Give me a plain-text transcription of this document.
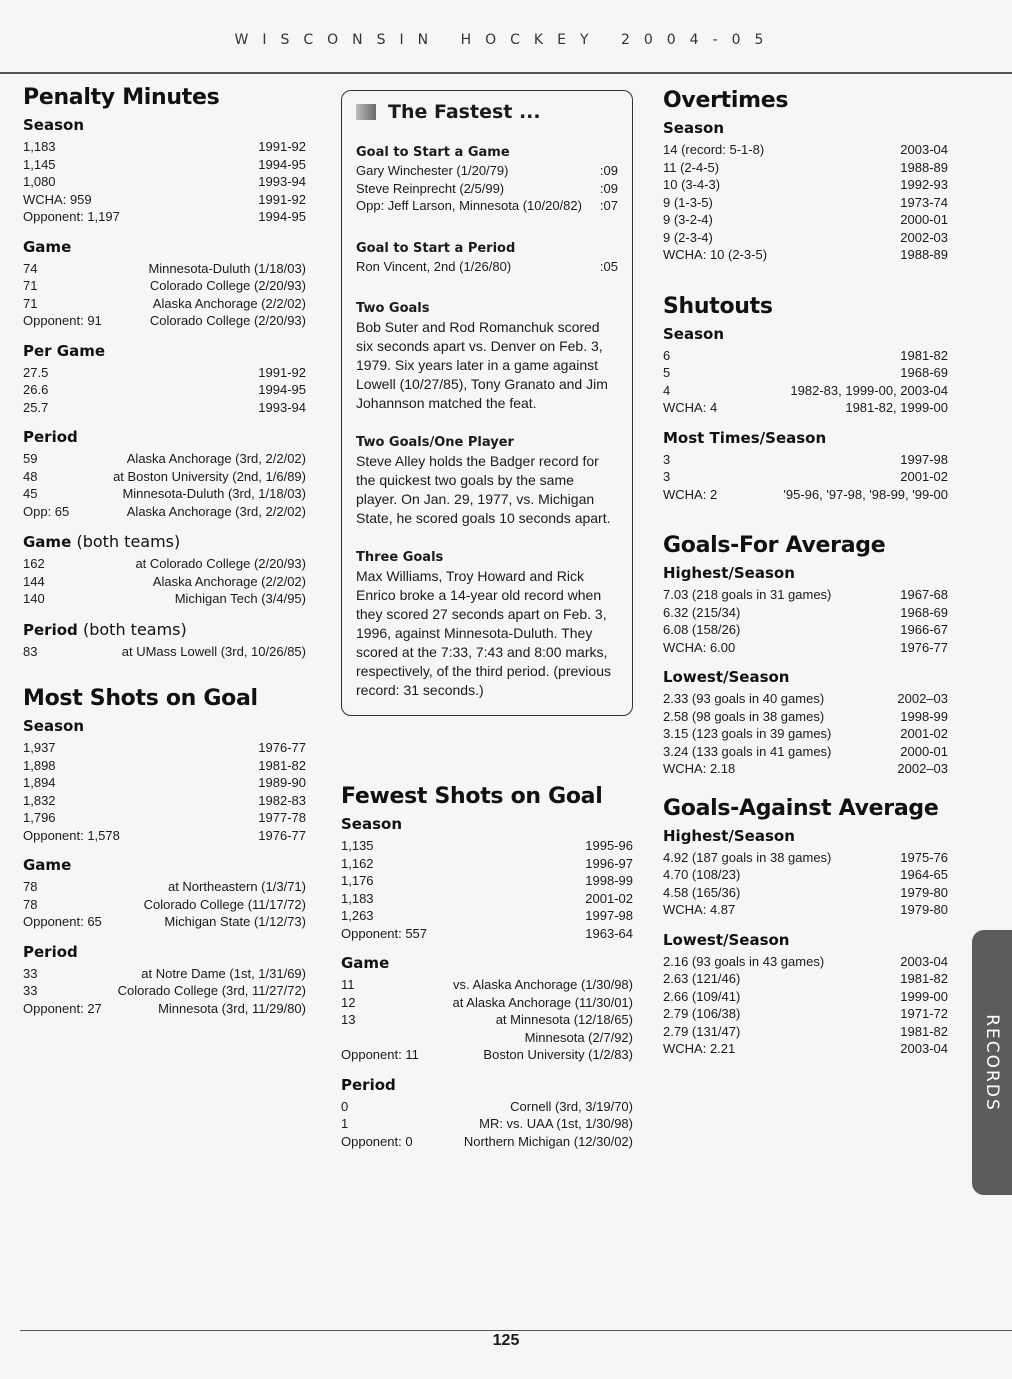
WISCONSIN HOCKEY 2004-05
Penalty Minutes
Season
1,183	1991-92
1,145	1994-95
1,080	1993-94
WCHA: 959	1991-92
Opponent: 1,197	1994-95
Game
74	Minnesota-Duluth (1/18/03)
71	Colorado College (2/20/93)
71	Alaska Anchorage (2/2/02)
Opponent: 91	Colorado College (2/20/93)
Per Game
27.5	1991-92
26.6	1994-95
25.7	1993-94
Period
59	Alaska Anchorage (3rd, 2/2/02)
48	at Boston University (2nd, 1/6/89)
45	Minnesota-Duluth (3rd, 1/18/03)
Opp: 65	Alaska Anchorage (3rd, 2/2/02)
Game (both teams)
162	at Colorado College (2/20/93)
144	Alaska Anchorage (2/2/02)
140	Michigan Tech (3/4/95)
Period (both teams)
83	at UMass Lowell (3rd, 10/26/85)
Most Shots on Goal
Season
1,937	1976-77
1,898	1981-82
1,894	1989-90
1,832	1982-83
1,796	1977-78
Opponent: 1,578	1976-77
Game
78	at Northeastern (1/3/71)
78	Colorado College (11/17/72)
Opponent: 65	Michigan State (1/12/73)
Period
33	at Notre Dame (1st, 1/31/69)
33	Colorado College (3rd, 11/27/72)
Opponent: 27	Minnesota (3rd, 11/29/80)
The Fastest ...
Goal to Start a Game
Gary Winchester (1/20/79)	:09
Steve Reinprecht (2/5/99)	:09
Opp: Jeff Larson, Minnesota (10/20/82) :07
Goal to Start a Period
Ron Vincent, 2nd (1/26/80)	:05
Two Goals
Bob Suter and Rod Romanchuk scored six seconds apart vs. Denver on Feb. 3, 1979. Six years later in a game against Lowell (10/27/85), Tony Granato and Jim Johannson matched the feat.
Two Goals/One Player
Steve Alley holds the Badger record for the quickest two goals by the same player. On Jan. 29, 1977, vs. Michigan State, he scored goals 10 seconds apart.
Three Goals
Max Williams, Troy Howard and Rick Enrico broke a 14-year old record when they scored 27 seconds apart on Feb. 3, 1996, against Minnesota-Duluth. They scored at the 7:33, 7:43 and 8:00 marks, respectively, of the third period. (previous record: 31 seconds.)
Fewest Shots on Goal
Season
1,135	1995-96
1,162	1996-97
1,176	1998-99
1,183	2001-02
1,263	1997-98
Opponent: 557	1963-64
Game
11	vs. Alaska Anchorage (1/30/98)
12	at Alaska Anchorage (11/30/01)
13	at Minnesota (12/18/65)
Minnesota (2/7/92)
Opponent: 11	Boston University (1/2/83)
Period
0	Cornell (3rd, 3/19/70)
1	MR: vs. UAA (1st, 1/30/98)
Opponent: 0	Northern Michigan (12/30/02)
Overtimes
Season
14 (record: 5-1-8)	2003-04
11 (2-4-5)	1988-89
10 (3-4-3)	1992-93
9 (1-3-5)	1973-74
9 (3-2-4)	2000-01
9 (2-3-4)	2002-03
WCHA: 10 (2-3-5)	1988-89
Shutouts
Season
6	1981-82
5	1968-69
4	1982-83, 1999-00, 2003-04
WCHA: 4	1981-82, 1999-00
Most Times/Season
3	1997-98
3	2001-02
WCHA: 2	'95-96, '97-98, '98-99, '99-00
Goals-For Average
Highest/Season
7.03 (218 goals in 31 games)	1967-68
6.32 (215/34)	1968-69
6.08 (158/26)	1966-67
WCHA: 6.00	1976-77
Lowest/Season
2.33 (93 goals in 40 games)	2002–03
2.58 (98 goals in 38 games)	1998-99
3.15 (123 goals in 39 games)	2001-02
3.24 (133 goals in 41 games)	2000-01
WCHA: 2.18	2002–03
Goals-Against Average
Highest/Season
4.92 (187 goals in 38 games)	1975-76
4.70 (108/23)	1964-65
4.58 (165/36)	1979-80
WCHA: 4.87	1979-80
Lowest/Season
2.16 (93 goals in 43 games)	2003-04
2.63 (121/46)	1981-82
2.66 (109/41)	1999-00
2.79 (106/38)	1971-72
2.79 (131/47)	1981-82
WCHA: 2.21	2003-04 RECORDS
125
